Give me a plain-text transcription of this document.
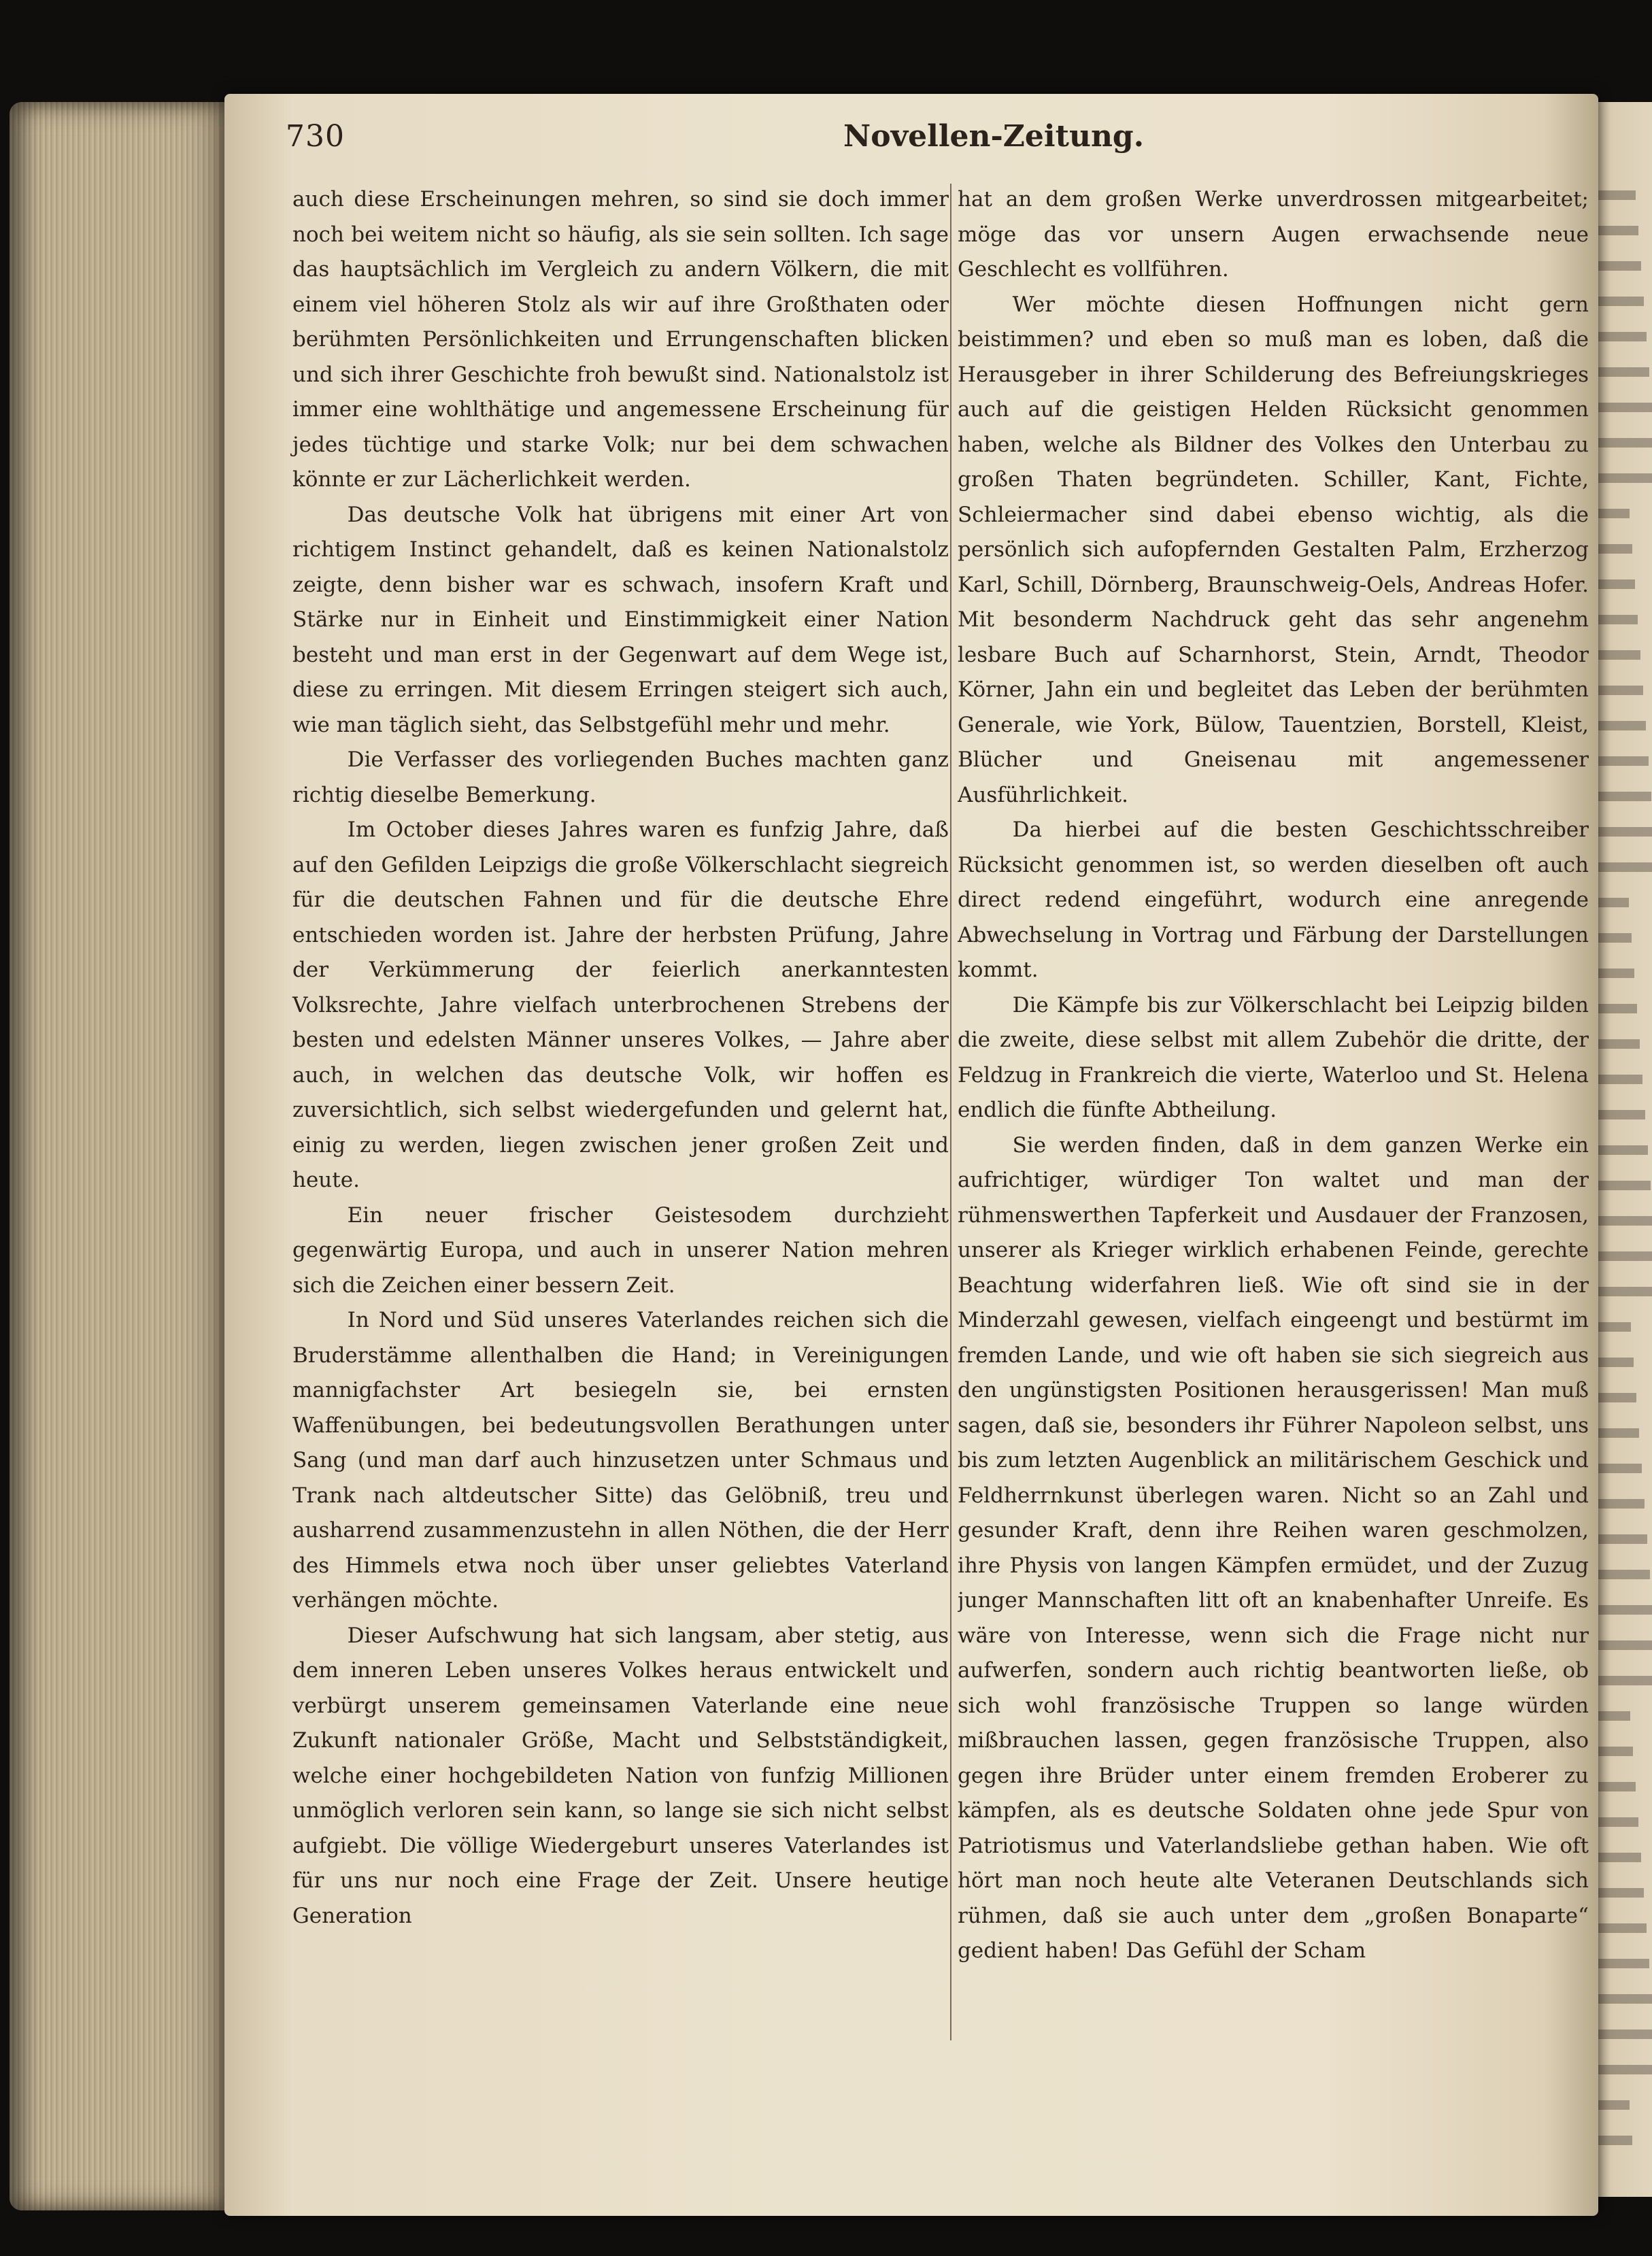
730	Novellen-Zeitung.

auch diese Erscheinungen mehren, so sind sie doch immer noch bei weitem nicht so häufig, als sie sein sollten. Ich sage das hauptsächlich im Vergleich zu andern Völkern, die mit einem viel höheren Stolz als wir auf ihre Großthaten oder berühmten Persönlichkeiten und Errungenschaften blicken und sich ihrer Geschichte froh bewußt sind. Nationalstolz ist immer eine wohlthätige und angemessene Erscheinung für jedes tüchtige und starke Volk; nur bei dem schwachen könnte er zur Lächerlichkeit werden.

Das deutsche Volk hat übrigens mit einer Art von richtigem Instinct gehandelt, daß es keinen Nationalstolz zeigte, denn bisher war es schwach, insofern Kraft und Stärke nur in Einheit und Einstimmigkeit einer Nation besteht und man erst in der Gegenwart auf dem Wege ist, diese zu erringen. Mit diesem Erringen steigert sich auch, wie man täglich sieht, das Selbstgefühl mehr und mehr.

Die Verfasser des vorliegenden Buches machten ganz richtig dieselbe Bemerkung.

Im October dieses Jahres waren es funfzig Jahre, daß auf den Gefilden Leipzigs die große Völkerschlacht siegreich für die deutschen Fahnen und für die deutsche Ehre entschieden worden ist. Jahre der herbsten Prüfung, Jahre der Verkümmerung der feierlich anerkanntesten Volksrechte, Jahre vielfach unterbrochenen Strebens der besten und edelsten Männer unseres Volkes, — Jahre aber auch, in welchen das deutsche Volk, wir hoffen es zuversichtlich, sich selbst wiedergefunden und gelernt hat, einig zu werden, liegen zwischen jener großen Zeit und heute.

Ein neuer frischer Geistesodem durchzieht gegenwärtig Europa, und auch in unserer Nation mehren sich die Zeichen einer bessern Zeit.

In Nord und Süd unseres Vaterlandes reichen sich die Bruderstämme allenthalben die Hand; in Vereinigungen mannigfachster Art besiegeln sie, bei ernsten Waffenübungen, bei bedeutungsvollen Berathungen unter Sang (und man darf auch hinzusetzen unter Schmaus und Trank nach altdeutscher Sitte) das Gelöbniß, treu und ausharrend zusammenzustehn in allen Nöthen, die der Herr des Himmels etwa noch über unser geliebtes Vaterland verhängen möchte.

Dieser Aufschwung hat sich langsam, aber stetig, aus dem inneren Leben unseres Volkes heraus entwickelt und verbürgt unserem gemeinsamen Vaterlande eine neue Zukunft nationaler Größe, Macht und Selbstständigkeit, welche einer hochgebildeten Nation von funfzig Millionen unmöglich verloren sein kann, so lange sie sich nicht selbst aufgiebt. Die völlige Wiedergeburt unseres Vaterlandes ist für uns nur noch eine Frage der Zeit. Unsere heutige Generation

hat an dem großen Werke unverdrossen mitgearbeitet; möge das vor unsern Augen erwachsende neue Geschlecht es vollführen.

Wer möchte diesen Hoffnungen nicht gern beistimmen? und eben so muß man es loben, daß die Herausgeber in ihrer Schilderung des Befreiungskrieges auch auf die geistigen Helden Rücksicht genommen haben, welche als Bildner des Volkes den Unterbau zu großen Thaten begründeten. Schiller, Kant, Fichte, Schleiermacher sind dabei ebenso wichtig, als die persönlich sich aufopfernden Gestalten Palm, Erzherzog Karl, Schill, Dörnberg, Braunschweig-Oels, Andreas Hofer. Mit besonderm Nachdruck geht das sehr angenehm lesbare Buch auf Scharnhorst, Stein, Arndt, Theodor Körner, Jahn ein und begleitet das Leben der berühmten Generale, wie York, Bülow, Tauentzien, Borstell, Kleist, Blücher und Gneisenau mit angemessener Ausführlichkeit.

Da hierbei auf die besten Geschichtsschreiber Rücksicht genommen ist, so werden dieselben oft auch direct redend eingeführt, wodurch eine anregende Abwechselung in Vortrag und Färbung der Darstellungen kommt.

Die Kämpfe bis zur Völkerschlacht bei Leipzig bilden die zweite, diese selbst mit allem Zubehör die dritte, der Feldzug in Frankreich die vierte, Waterloo und St. Helena endlich die fünfte Abtheilung.

Sie werden finden, daß in dem ganzen Werke ein aufrichtiger, würdiger Ton waltet und man der rühmenswerthen Tapferkeit und Ausdauer der Franzosen, unserer als Krieger wirklich erhabenen Feinde, gerechte Beachtung widerfahren ließ. Wie oft sind sie in der Minderzahl gewesen, vielfach eingeengt und bestürmt im fremden Lande, und wie oft haben sie sich siegreich aus den ungünstigsten Positionen herausgerissen! Man muß sagen, daß sie, besonders ihr Führer Napoleon selbst, uns bis zum letzten Augenblick an militärischem Geschick und Feldherrnkunst überlegen waren. Nicht so an Zahl und gesunder Kraft, denn ihre Reihen waren geschmolzen, ihre Physis von langen Kämpfen ermüdet, und der Zuzug junger Mannschaften litt oft an knabenhafter Unreife. Es wäre von Interesse, wenn sich die Frage nicht nur aufwerfen, sondern auch richtig beantworten ließe, ob sich wohl französische Truppen so lange würden mißbrauchen lassen, gegen französische Truppen, also gegen ihre Brüder unter einem fremden Eroberer zu kämpfen, als es deutsche Soldaten ohne jede Spur von Patriotismus und Vaterlandsliebe gethan haben. Wie oft hört man noch heute alte Veteranen Deutschlands sich rühmen, daß sie auch unter dem „großen Bonaparte“ gedient haben! Das Gefühl der Scham
